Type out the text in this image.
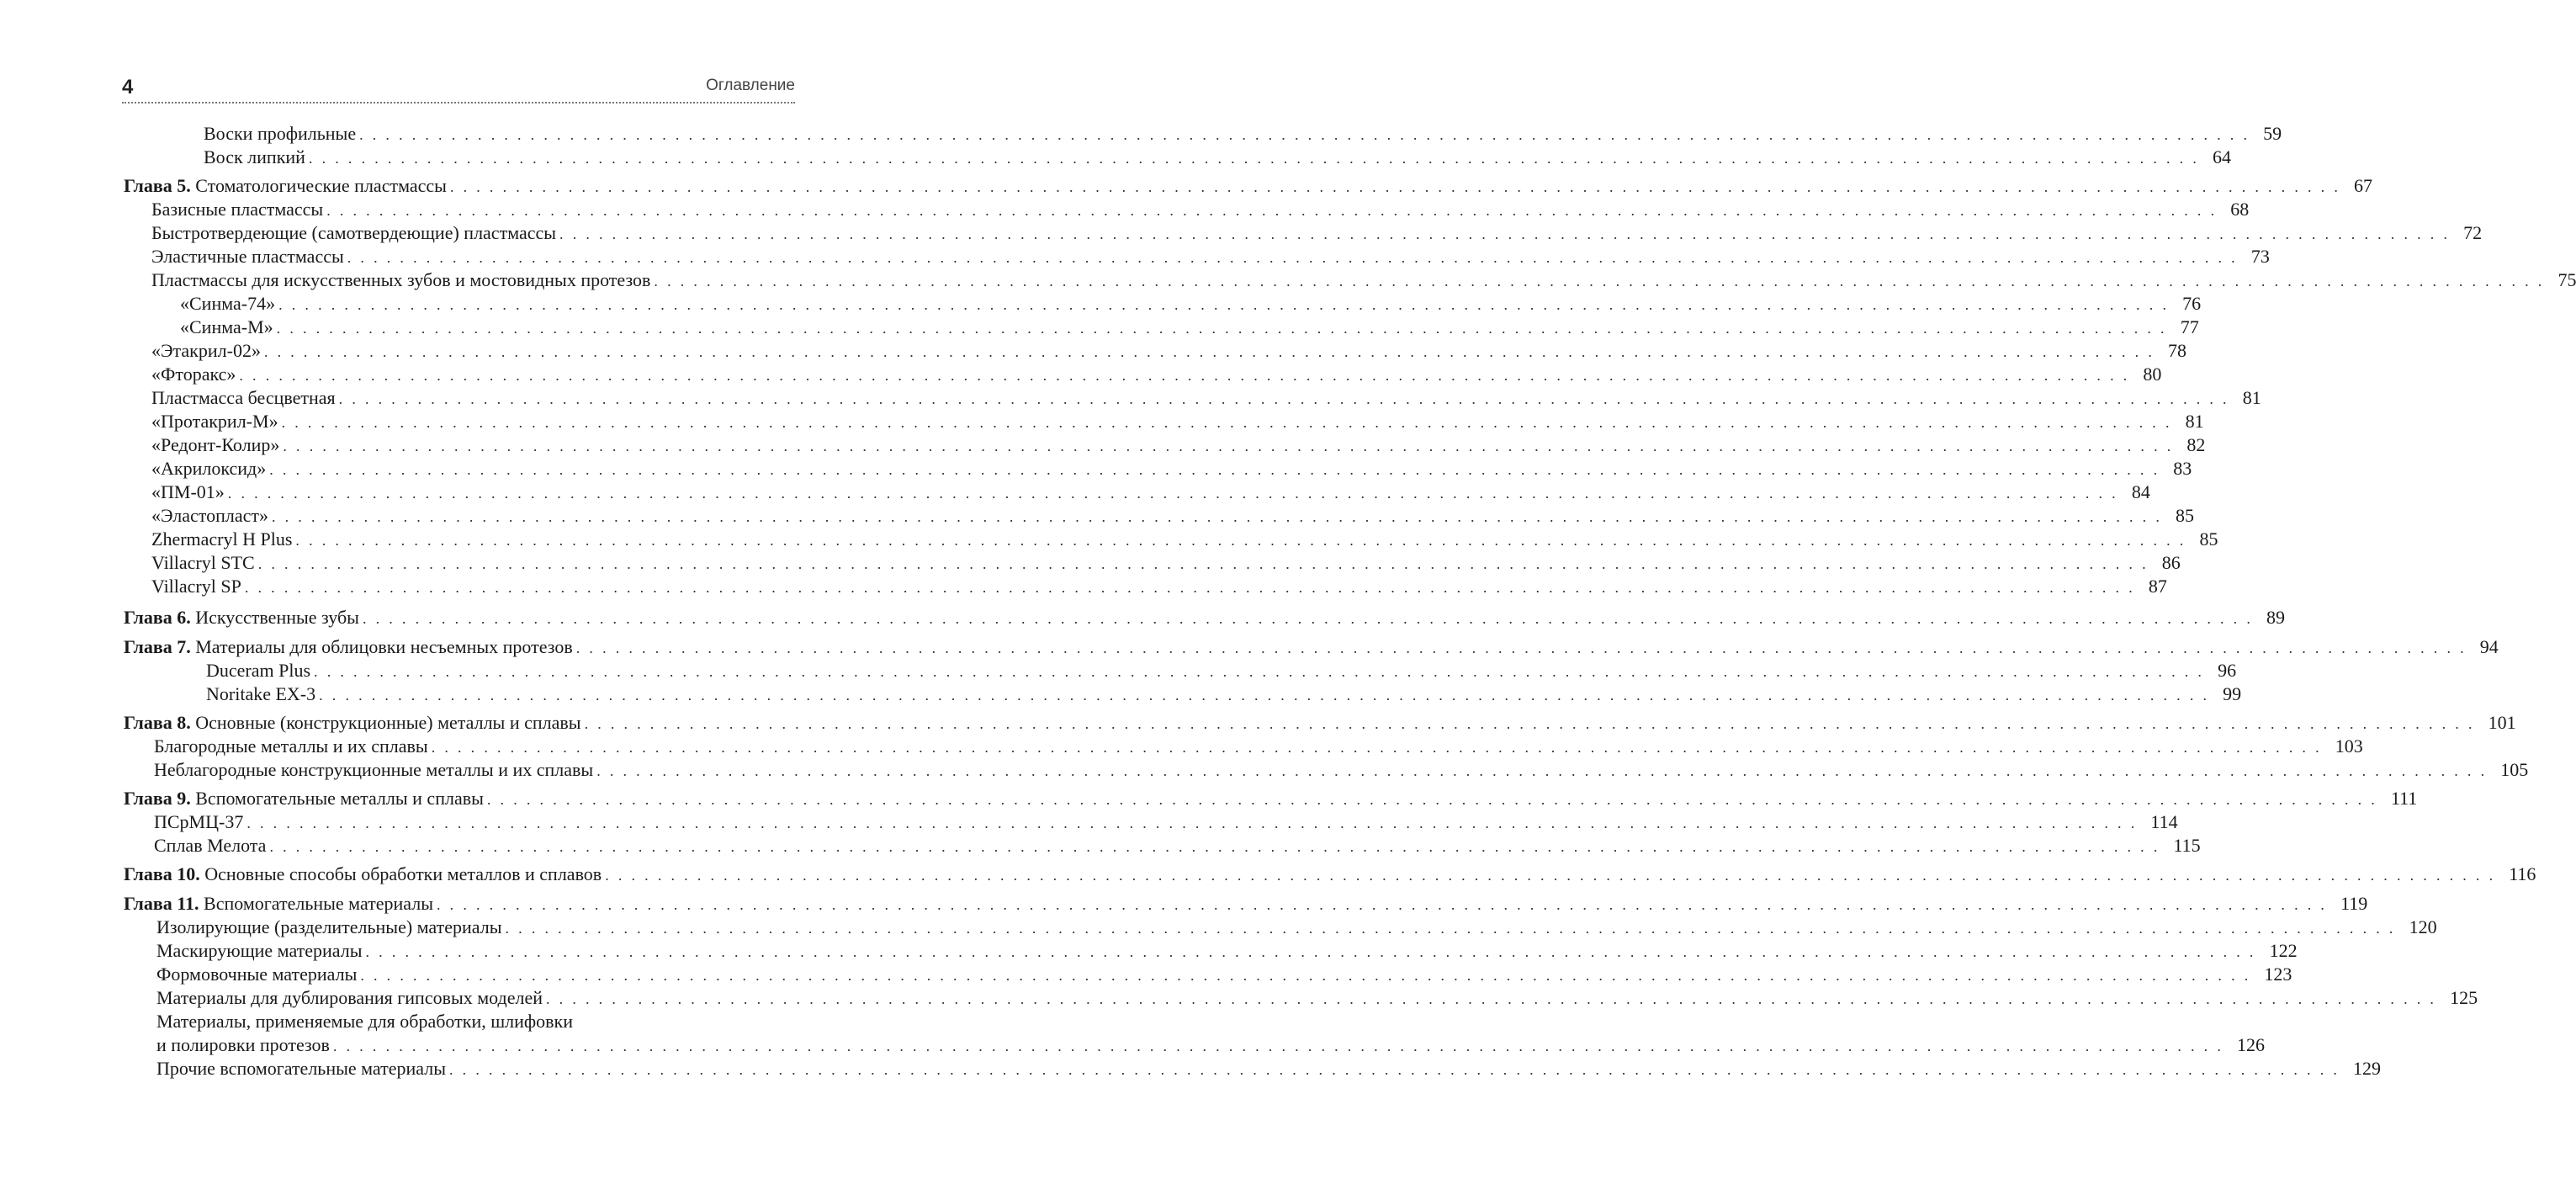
4	Оглавление
Воски профильные ................................................................................................................................................ 59
Воск липкий ................................................................................................................................................ 64
Глава 5. Стоматологические пластмассы ................................................................................................................................................ 67
Базисные пластмассы ................................................................................................................................................ 68
Быстротвердеющие (самотвердеющие) пластмассы ................................................................................................................................................ 72
Эластичные пластмассы ................................................................................................................................................ 73
Пластмассы для искусственных зубов и мостовидных протезов ................................................................................................................................................ 75
«Синма-74» ................................................................................................................................................ 76
«Синма-М» ................................................................................................................................................ 77
«Этакрил-02» ................................................................................................................................................ 78
«Фторакс» ................................................................................................................................................ 80
Пластмасса бесцветная ................................................................................................................................................ 81
«Протакрил-М» ................................................................................................................................................ 81
«Редонт-Колир» ................................................................................................................................................ 82
«Акрилоксид» ................................................................................................................................................ 83
«ПМ-01» ................................................................................................................................................ 84
«Эластопласт» ................................................................................................................................................ 85
Zhermacryl H Plus ................................................................................................................................................ 85
Villacryl STC ................................................................................................................................................ 86
Villacryl SP ................................................................................................................................................ 87
Глава 6. Искусственные зубы ................................................................................................................................................ 89
Глава 7. Материалы для облицовки несъемных протезов ................................................................................................................................................ 94
Duceram Plus ................................................................................................................................................ 96
Noritake EX-3 ................................................................................................................................................ 99
Глава 8. Основные (конструкционные) металлы и сплавы ................................................................................................................................................ 101
Благородные металлы и их сплавы ................................................................................................................................................ 103
Неблагородные конструкционные металлы и их сплавы ................................................................................................................................................ 105
Глава 9. Вспомогательные металлы и сплавы ................................................................................................................................................ 111
ПСрМЦ-37 ................................................................................................................................................ 114
Сплав Мелота ................................................................................................................................................ 115
Глава 10. Основные способы обработки металлов и сплавов ................................................................................................................................................ 116
Глава 11. Вспомогательные материалы ................................................................................................................................................ 119
Изолирующие (разделительные) материалы ................................................................................................................................................ 120
Маскирующие материалы ................................................................................................................................................ 122
Формовочные материалы ................................................................................................................................................ 123
Материалы для дублирования гипсовых моделей ................................................................................................................................................ 125
Материалы, применяемые для обработки, шлифовки
и полировки протезов ................................................................................................................................................ 126
Прочие вспомогательные материалы ................................................................................................................................................ 129
